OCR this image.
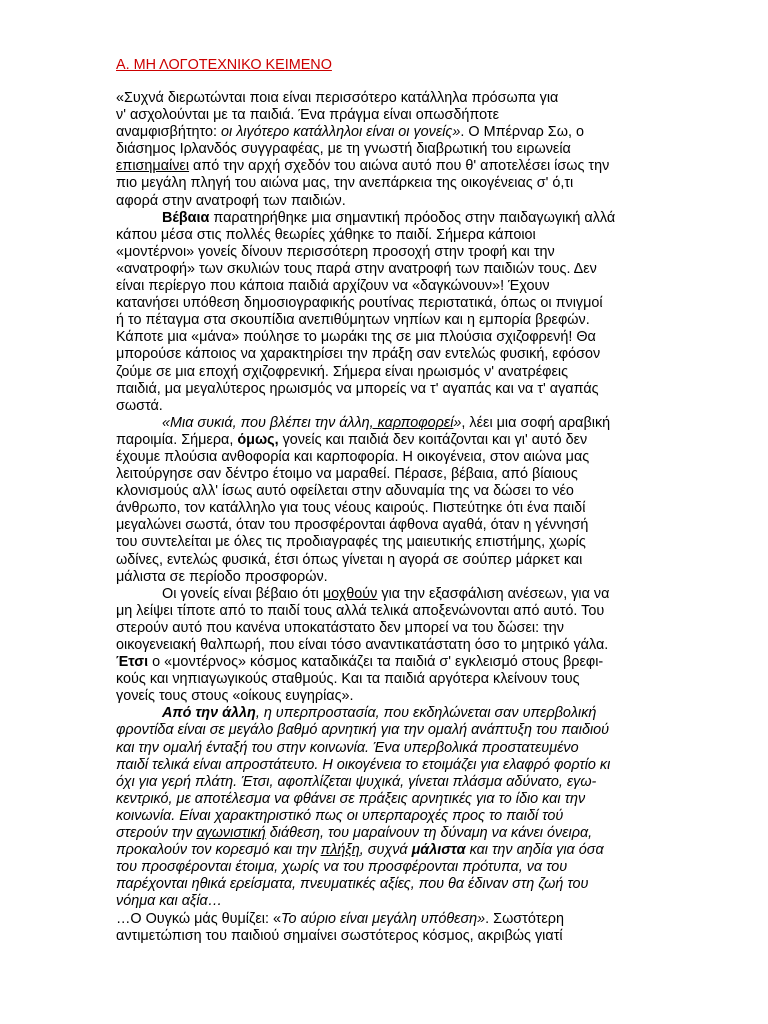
Α. ΜΗ ΛΟΓΟΤΕΧΝΙΚΟ ΚΕΙΜΕΝΟ
«Συχνά διερωτώνται ποια είναι περισσότερο κατάλληλα πρόσωπα για
ν' ασχολούνται με τα παιδιά. Ένα πράγμα είναι οπωσδήποτε
αναμφισβήτητο: οι λιγότερο κατάλληλοι είναι οι γονείς». Ο Μπέρναρ Σω, ο
διάσημος Ιρλανδός συγγραφέας, με τη γνωστή διαβρωτική του ειρωνεία
επισημαίνει από την αρχή σχεδόν του αιώνα αυτό που θ' αποτελέσει ίσως την
πιο μεγάλη πληγή του αιώνα μας, την ανεπάρκεια της οικογένειας σ' ό,τι
αφορά στην ανατροφή των παιδιών.
Βέβαια παρατηρήθηκε μια σημαντική πρόοδος στην παιδαγωγική αλλά
κάπου μέσα στις πολλές θεωρίες χάθηκε το παιδί. Σήμερα κάποιοι
«μοντέρνοι» γονείς δίνουν περισσότερη προσοχή στην τροφή και την
«ανατροφή» των σκυλιών τους παρά στην ανατροφή των παιδιών τους. Δεν
είναι περίεργο που κάποια παιδιά αρχίζουν να «δαγκώνουν»! Έχουν
κατανήσει υπόθεση δημοσιογραφικής ρουτίνας περιστατικά, όπως οι πνιγμοί
ή το πέταγμα στα σκουπίδια ανεπιθύμητων νηπίων και η εμπορία βρεφών.
Κάποτε μια «μάνα» πούλησε το μωράκι της σε μια πλούσια σχιζοφρενή! Θα
μπορούσε κάποιος να χαρακτηρίσει την πράξη σαν εντελώς φυσική, εφόσον
ζούμε σε μια εποχή σχιζοφρενική. Σήμερα είναι ηρωισμός ν' ανατρέφεις
παιδιά, μα μεγαλύτερος ηρωισμός να μπορείς να τ' αγαπάς και να τ' αγαπάς
σωστά.
«Μια συκιά, που βλέπει την άλλη, καρποφορεί», λέει μια σοφή αραβική
παροιμία. Σήμερα, όμως, γονείς και παιδιά δεν κοιτάζονται και γι' αυτό δεν
έχουμε πλούσια ανθοφορία και καρποφορία. Η οικογένεια, στον αιώνα μας
λειτούργησε σαν δέντρο έτοιμο να μαραθεί. Πέρασε, βέβαια, από βίαιους
κλονισμούς αλλ' ίσως αυτό οφείλεται στην αδυναμία της να δώσει το νέο
άνθρωπο, τον κατάλληλο για τους νέους καιρούς. Πιστεύτηκε ότι ένα παιδί
μεγαλώνει σωστά, όταν του προσφέρονται άφθονα αγαθά, όταν η γέννησή
του συντελείται με όλες τις προδιαγραφές της μαιευτικής επιστήμης, χωρίς
ωδίνες, εντελώς φυσικά, έτσι όπως γίνεται η αγορά σε σούπερ μάρκετ και
μάλιστα σε περίοδο προσφορών.
Οι γονείς είναι βέβαιο ότι μοχθούν για την εξασφάλιση ανέσεων, για να
μη λείψει τίποτε από το παιδί τους αλλά τελικά αποξενώνονται από αυτό. Του
στερούν αυτό που κανένα υποκατάστατο δεν μπορεί να του δώσει: την
οικογενειακή θαλπωρή, που είναι τόσο αναντικατάστατη όσο το μητρικό γάλα.
Έτσι ο «μοντέρνος» κόσμος καταδικάζει τα παιδιά σ' εγκλεισμό στους βρεφι-
κούς και νηπιαγωγικούς σταθμούς. Και τα παιδιά αργότερα κλείνουν τους
γονείς τους στους «οίκους ευγηρίας».
Από την άλλη, η υπερπροστασία, που εκδηλώνεται σαν υπερβολική
φροντίδα είναι σε μεγάλο βαθμό αρνητική για την ομαλή ανάπτυξη του παιδιού
και την ομαλή ένταξή του στην κοινωνία. Ένα υπερβολικά προστατευμένο
παιδί τελικά είναι απροστάτευτο. Η οικογένεια το ετοιμάζει για ελαφρό φορτίο κι
όχι για γερή πλάτη. Έτσι, αφοπλίζεται ψυχικά, γίνεται πλάσμα αδύνατο, εγω-
κεντρικό, με αποτέλεσμα να φθάνει σε πράξεις αρνητικές για το ίδιο και την
κοινωνία. Είναι χαρακτηριστικό πως οι υπερπαροχές προς το παιδί τού
στερούν την αγωνιστική διάθεση, του μαραίνουν τη δύναμη να κάνει όνειρα,
προκαλούν τον κορεσμό και την πλήξη, συχνά μάλιστα και την αηδία για όσα
του προσφέρονται έτοιμα, χωρίς να του προσφέρονται πρότυπα, να του
παρέχονται ηθικά ερείσματα, πνευματικές αξίες, που θα έδιναν στη ζωή του
νόημα και αξία…
…Ο Ουγκώ μάς θυμίζει: «Το αύριο είναι μεγάλη υπόθεση». Σωστότερη
αντιμετώπιση του παιδιού σημαίνει σωστότερος κόσμος, ακριβώς γιατί
